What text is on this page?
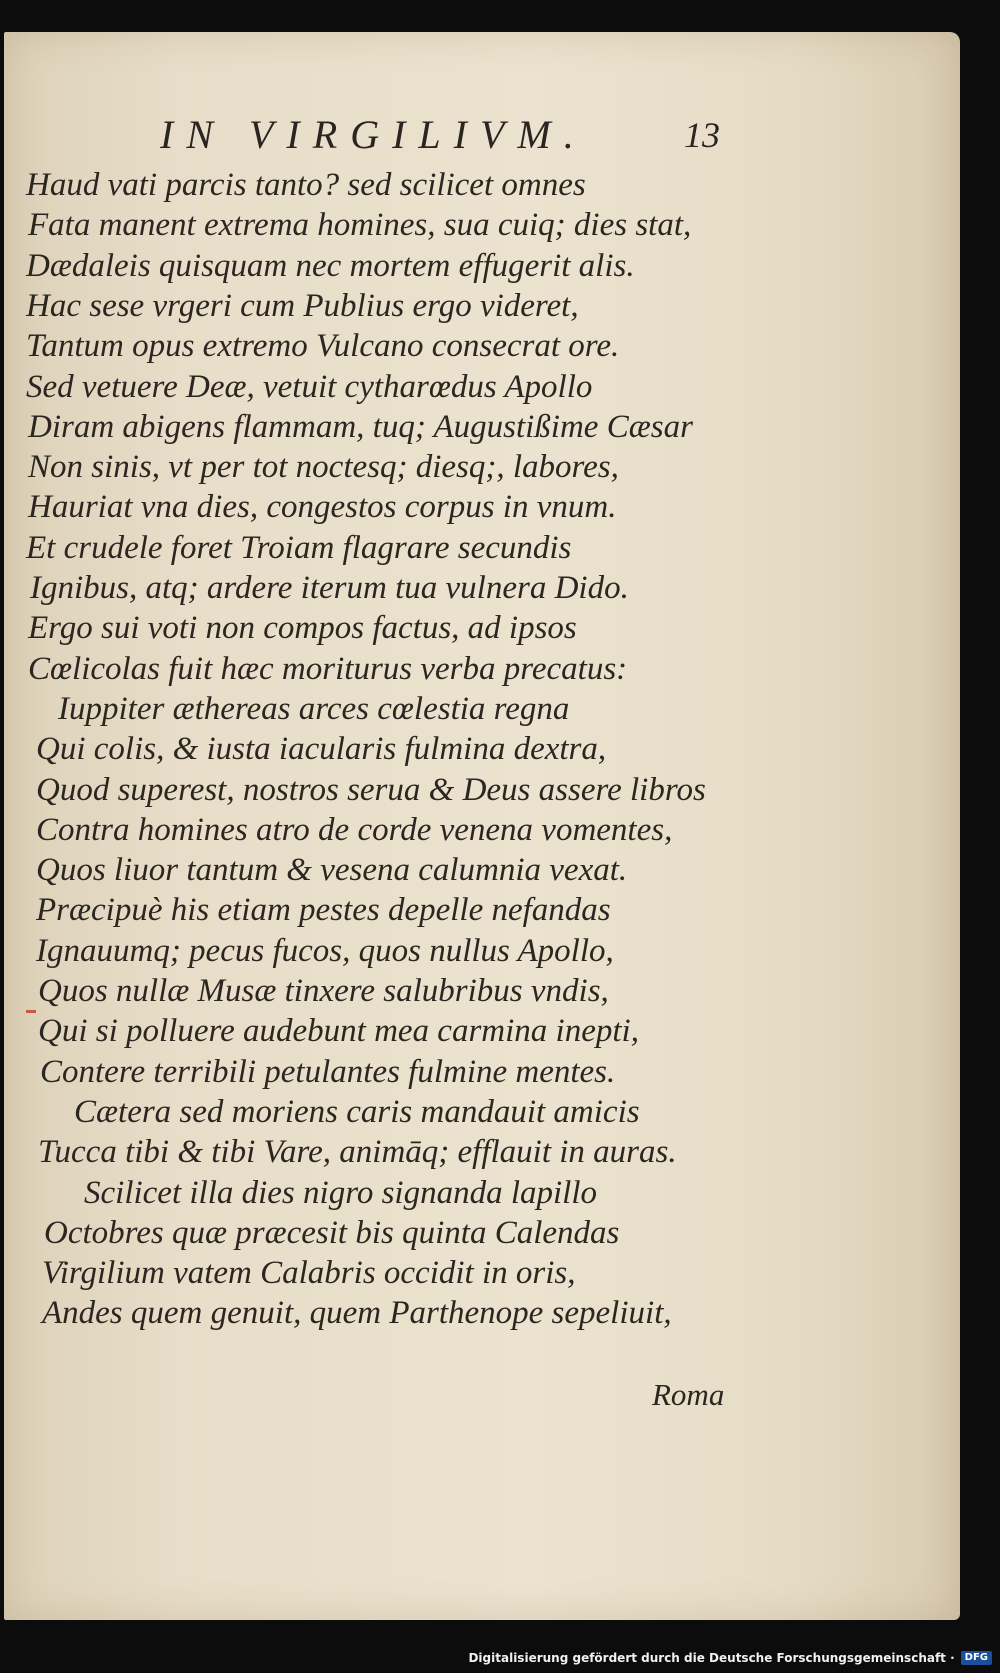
IN VIRGILIVM.	13
Haud vati parcis tanto? sed scilicet omnes
Fata manent extrema homines, sua cuiq; dies stat,
Dædaleis quisquam nec mortem effugerit alis.
Hac sese vrgeri cum Publius ergo videret,
Tantum opus extremo Vulcano consecrat ore.
Sed vetuere Deæ, vetuit cytharœdus Apollo
Diram abigens flammam, tuq; Augustißime Cæsar
Non sinis, vt per tot noctesq; diesq;, labores,
Hauriat vna dies, congestos corpus in vnum.
Et crudele foret Troiam flagrare secundis
Ignibus, atq; ardere iterum tua vulnera Dido.
Ergo sui voti non compos factus, ad ipsos
Cœlicolas fuit hæc moriturus verba precatus:
Iuppiter æthereas arces cœlestia regna
Qui colis, & iusta iacularis fulmina dextra,
Quod superest, nostros serua & Deus assere libros
Contra homines atro de corde venena vomentes,
Quos liuor tantum & vesena calumnia vexat.
Præcipuè his etiam pestes depelle nefandas
Ignauumq; pecus fucos, quos nullus Apollo,
Quos nullæ Musæ tinxere salubribus vndis,
Qui si polluere audebunt mea carmina inepti,
Contere terribili petulantes fulmine mentes.
Cætera sed moriens caris mandauit amicis
Tucca tibi & tibi Vare, animāq; efflauit in auras.
Scilicet illa dies nigro signanda lapillo
Octobres quæ præcesit bis quinta Calendas
Virgilium vatem Calabris occidit in oris,
Andes quem genuit, quem Parthenope sepeliuit,
Roma
Digitalisierung gefördert durch die Deutsche Forschungsgemeinschaft ·	DFG
